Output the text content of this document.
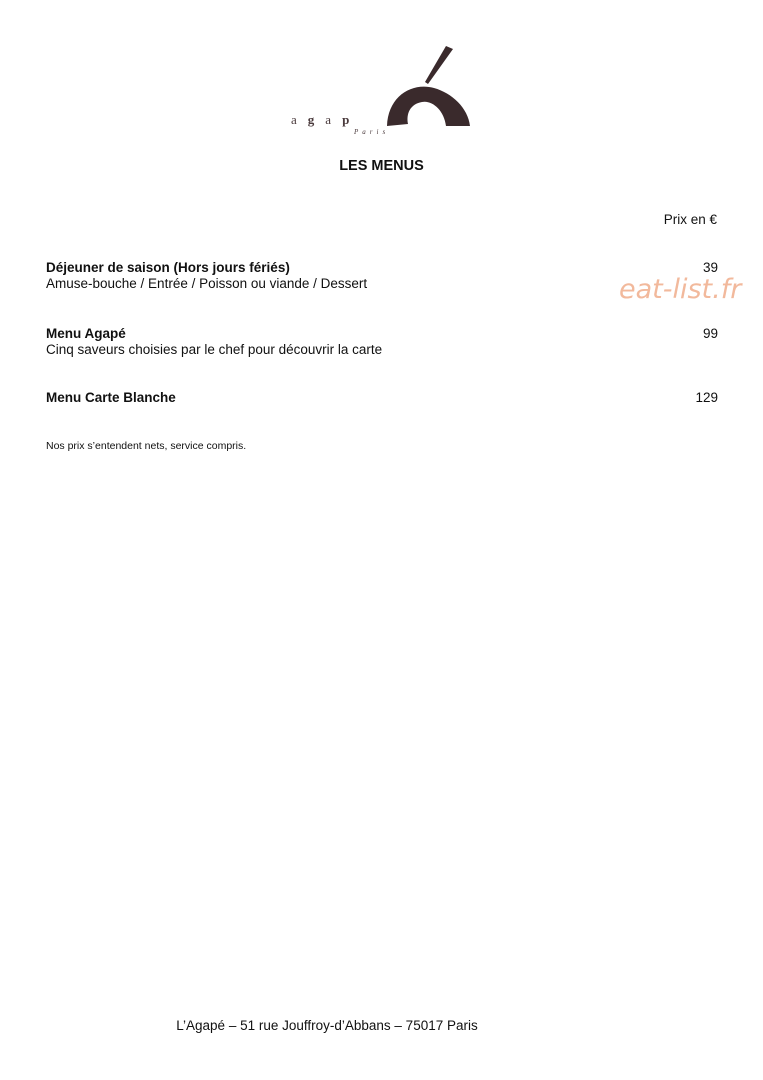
a g a p
Paris
LES MENUS
Prix en €
Déjeuner de saison (Hors jours fériés)
Amuse-bouche / Entrée / Poisson ou viande / Dessert
39
Menu Agapé
Cinq saveurs choisies par le chef pour découvrir la carte
99
Menu Carte Blanche	129
eat-list.fr
Nos prix s’entendent nets, service compris.
L’Agapé – 51 rue Jouffroy-d’Abbans – 75017 Paris
